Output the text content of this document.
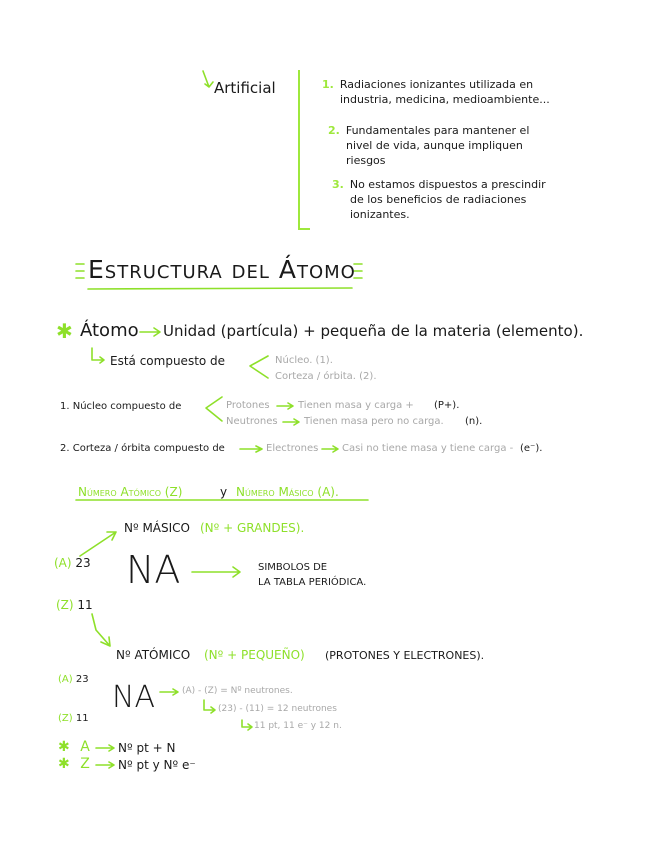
Artificial	1. Radiaciones ionizantes utilizada en
industria, medicina, medioambiente...
2. Fundamentales para mantener el
nivel de vida, aunque impliquen
riesgos
3. No estamos dispuestos a prescindir
de los beneficios de radiaciones
ionizantes.
Estructura del Átomo
✱ Átomo Unidad (partícula) + pequeña de la materia (elemento).
Está compuesto de	Núcleo. (1).
Corteza / órbita. (2).
1. Núcleo compuesto de	Protones	Tienen masa y carga + (P+).
Neutrones	Tienen masa pero no carga. (n).
2. Corteza / órbita compuesto de	Electrones Casi no tiene masa y tiene carga - (e⁻).
Número Atómico (Z)	y Número Másico (A).
Nº MÁSICO (Nº + GRANDES).
(A) 23 NA	SIMBOLOS DE
LA TABLA PERIÓDICA.
(Z) 11
Nº ATÓMICO (Nº + PEQUEÑO) (PROTONES Y ELECTRONES).
(A) 23
NA
(Z) 11
(A) - (Z) = Nº neutrones.
(23) - (11) = 12 neutrones
11 pt, 11 e⁻ y 12 n.
✱ A Nº pt + N
✱ Z Nº pt y Nº e⁻
